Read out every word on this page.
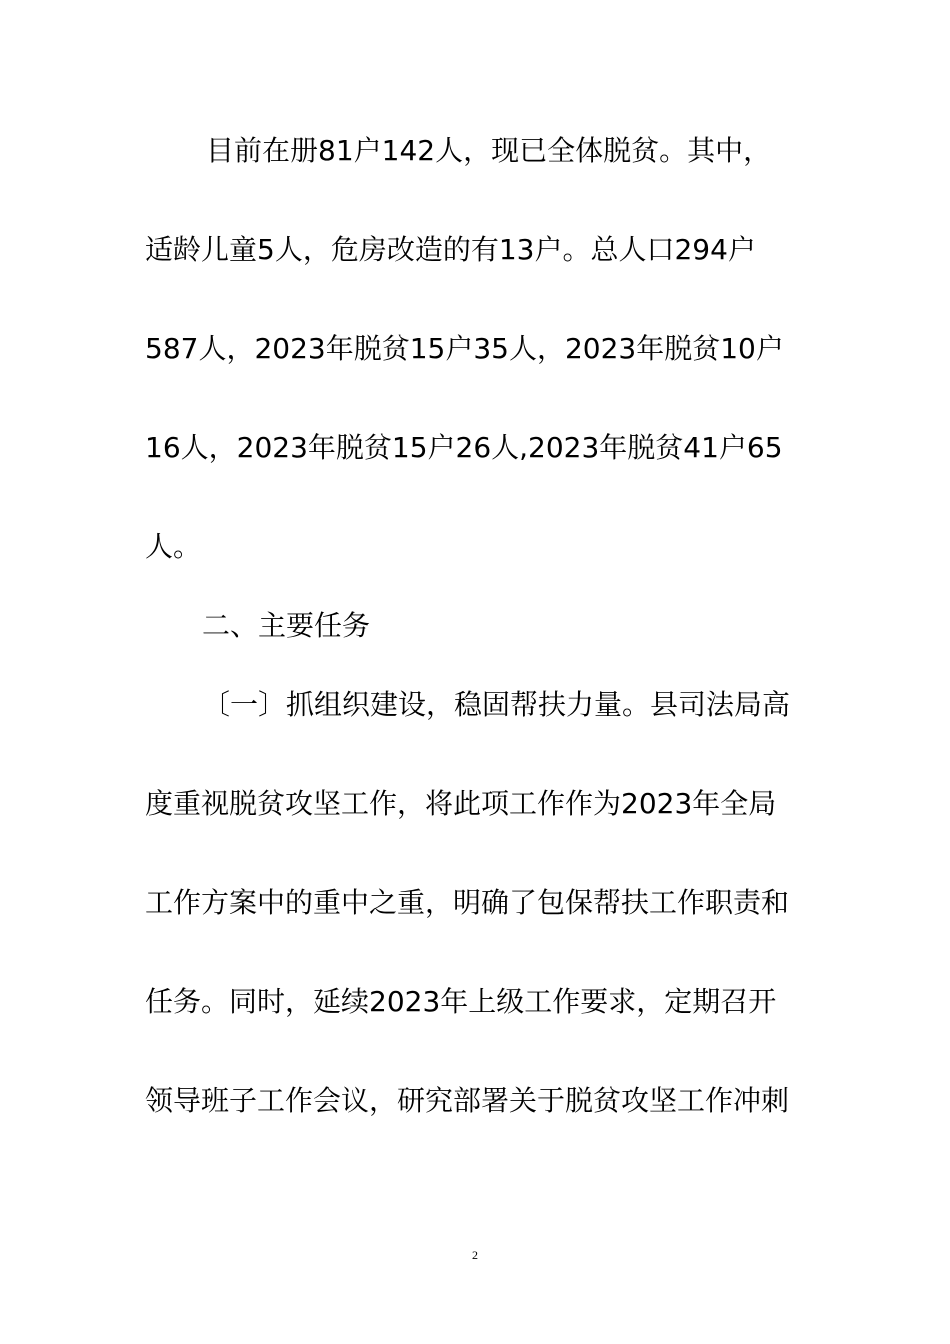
目前在册81户142人，现已全体脱贫。其中，
适龄儿童5人，危房改造的有13户。总人口294户
587人，2023年脱贫15户35人，2023年脱贫10户
16人，2023年脱贫15户26人,2023年脱贫41户65
人。
二、主要任务
〔一〕抓组织建设，稳固帮扶力量。县司法局高
度重视脱贫攻坚工作，将此项工作作为2023年全局
工作方案中的重中之重，明确了包保帮扶工作职责和
任务。同时，延续2023年上级工作要求，定期召开
领导班子工作会议，研究部署关于脱贫攻坚工作冲刺
2
